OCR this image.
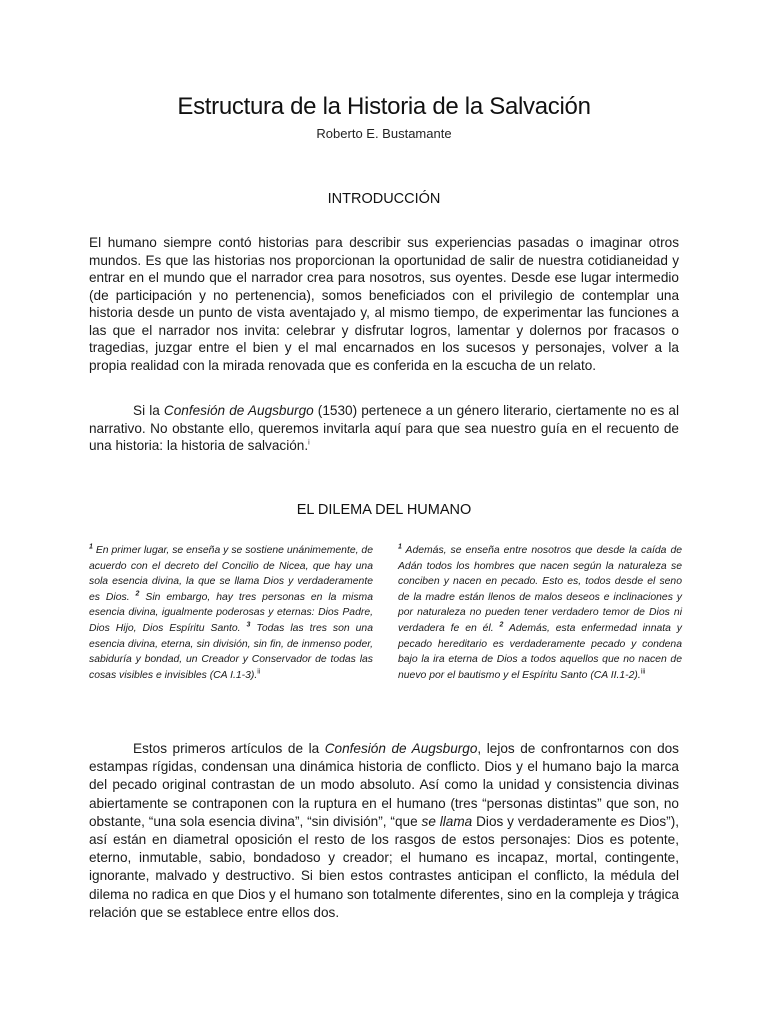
Estructura de la Historia de la Salvación
Roberto E. Bustamante
INTRODUCCIÓN

El humano siempre contó historias para describir sus experiencias pasadas o imaginar otros mundos. Es que las historias nos proporcionan la oportunidad de salir de nuestra cotidianeidad y entrar en el mundo que el narrador crea para nosotros, sus oyentes. Desde ese lugar intermedio (de participación y no pertenencia), somos beneficiados con el privilegio de contemplar una historia desde un punto de vista aventajado y, al mismo tiempo, de experimentar las funciones a las que el narrador nos invita: celebrar y disfrutar logros, lamentar y dolernos por fracasos o tragedias, juzgar entre el bien y el mal encarnados en los sucesos y personajes, volver a la propia realidad con la mirada renovada que es conferida en la escucha de un relato.

Si la Confesión de Augsburgo (1530) pertenece a un género literario, ciertamente no es al narrativo. No obstante ello, queremos invitarla aquí para que sea nuestro guía en el recuento de una historia: la historia de salvación.$^i$

EL DILEMA DEL HUMANO
$^1$ En primer lugar, se enseña y se sostiene unánimemente, de acuerdo con el decreto del Concilio de Nicea, que hay una sola esencia divina, la que se llama Dios y verdaderamente es Dios. $^2$ Sin embargo, hay tres personas en la misma esencia divina, igualmente poderosas y eternas: Dios Padre, Dios Hijo, Dios Espíritu Santo. $^3$ Todas las tres son una esencia divina, eterna, sin división, sin fin, de inmenso poder, sabiduría y bondad, un Creador y Conservador de todas las cosas visibles e invisibles (CA I.1-3).$^{ii}$
$^1$ Además, se enseña entre nosotros que desde la caída de Adán todos los hombres que nacen según la naturaleza se conciben y nacen en pecado. Esto es, todos desde el seno de la madre están llenos de malos deseos e inclinaciones y por naturaleza no pueden tener verdadero temor de Dios ni verdadera fe en él. $^2$ Además, esta enfermedad innata y pecado hereditario es verdaderamente pecado y condena bajo la ira eterna de Dios a todos aquellos que no nacen de nuevo por el bautismo y el Espíritu Santo (CA II.1-2).$^{iii}$

Estos primeros artículos de la Confesión de Augsburgo, lejos de confrontarnos con dos estampas rígidas, condensan una dinámica historia de conflicto. Dios y el humano bajo la marca del pecado original contrastan de un modo absoluto. Así como la unidad y consistencia divinas abiertamente se contraponen con la ruptura en el humano (tres “personas distintas” que son, no obstante, “una sola esencia divina”, “sin división”, “que se llama Dios y verdaderamente es Dios”), así están en diametral oposición el resto de los rasgos de estos personajes: Dios es potente, eterno, inmutable, sabio, bondadoso y creador; el humano es incapaz, mortal, contingente, ignorante, malvado y destructivo. Si bien estos contrastes anticipan el conflicto, la médula del dilema no radica en que Dios y el humano son totalmente diferentes, sino en la compleja y trágica relación que se establece entre ellos dos.
